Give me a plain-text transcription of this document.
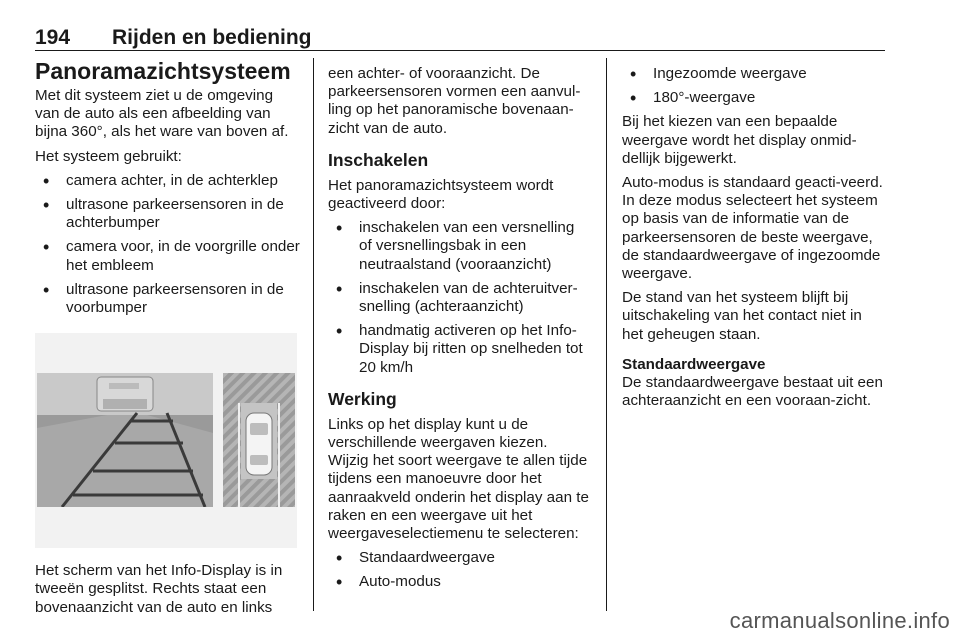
194 Rijden en bediening
Panoramazichtsysteem

Met dit systeem ziet u de omgeving van de auto als een afbeelding van bijna 360°, als het ware van boven af.

Het systeem gebruikt:

• camera achter, in de achterklep
• ultrasone parkeersensoren in de achterbumper
• camera voor, in de voorgrille onder het embleem
• ultrasone parkeersensoren in de voorbumper

Het scherm van het Info-Display is in tweeën gesplitst. Rechts staat een bovenaanzicht van de auto en links

een achter- of vooraanzicht. De parkeersensoren vormen een aanvul-ling op het panoramische bovenaan-zicht van de auto.

Inschakelen

Het panoramazichtsysteem wordt geactiveerd door:

• inschakelen van een versnelling of versnellingsbak in een neutraalstand (vooraanzicht)
• inschakelen van de achteruitver-snelling (achteraanzicht)
• handmatig activeren op het Info-Display bij ritten op snelheden tot 20 km/h
Werking

Links op het display kunt u de verschillende weergaven kiezen. Wijzig het soort weergave te allen tijde tijdens een manoeuvre door het aanraakveld onderin het display aan te raken en een weergave uit het weergaveselectiemenu te selecteren:

• Standaardweergave
• Auto-modus
• Ingezoomde weergave
• 180°-weergave

Bij het kiezen van een bepaalde weergave wordt het display onmid-dellijk bijgewerkt.

Auto-modus is standaard geacti-veerd. In deze modus selecteert het systeem op basis van de informatie van de parkeersensoren de beste weergave, de standaardweergave of ingezoomde weergave.

De stand van het systeem blijft bij uitschakeling van het contact niet in het geheugen staan.

Standaardweergave

De standaardweergave bestaat uit een achteraanzicht en een vooraan-zicht.

carmanualsonline.info
